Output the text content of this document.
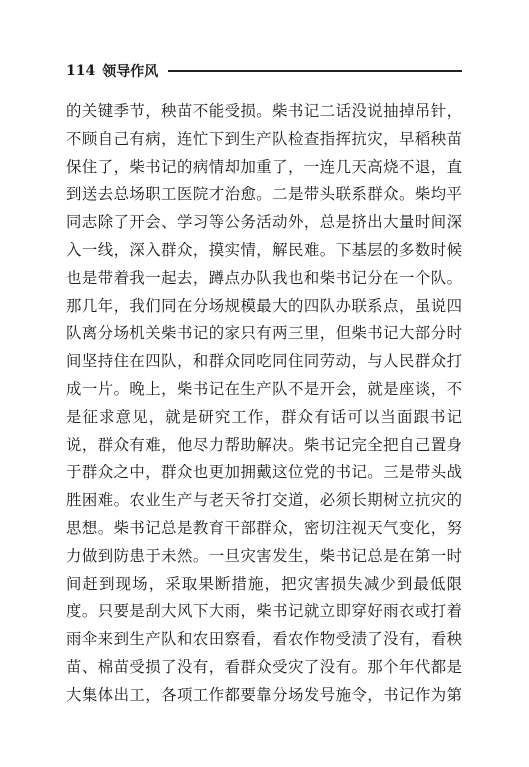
114 领导作风
的关键季节，秧苗不能受损。柴书记二话没说抽掉吊针，
不顾自己有病，连忙下到生产队检查指挥抗灾，早稻秧苗
保住了，柴书记的病情却加重了，一连几天高烧不退，直
到送去总场职工医院才治愈。二是带头联系群众。柴均平
同志除了开会、学习等公务活动外，总是挤出大量时间深
入一线，深入群众，摸实情，解民难。下基层的多数时候
也是带着我一起去，蹲点办队我也和柴书记分在一个队。
那几年，我们同在分场规模最大的四队办联系点，虽说四
队离分场机关柴书记的家只有两三里，但柴书记大部分时
间坚持住在四队，和群众同吃同住同劳动，与人民群众打
成一片。晚上，柴书记在生产队不是开会，就是座谈，不
是征求意见，就是研究工作，群众有话可以当面跟书记
说，群众有难，他尽力帮助解决。柴书记完全把自己置身
于群众之中，群众也更加拥戴这位党的书记。三是带头战
胜困难。农业生产与老天爷打交道，必须长期树立抗灾的
思想。柴书记总是教育干部群众，密切注视天气变化，努
力做到防患于未然。一旦灾害发生，柴书记总是在第一时
间赶到现场，采取果断措施，把灾害损失减少到最低限
度。只要是刮大风下大雨，柴书记就立即穿好雨衣或打着
雨伞来到生产队和农田察看，看农作物受渍了没有，看秧
苗、棉苗受损了没有，看群众受灾了没有。那个年代都是
大集体出工，各项工作都要靠分场发号施令，书记作为第
